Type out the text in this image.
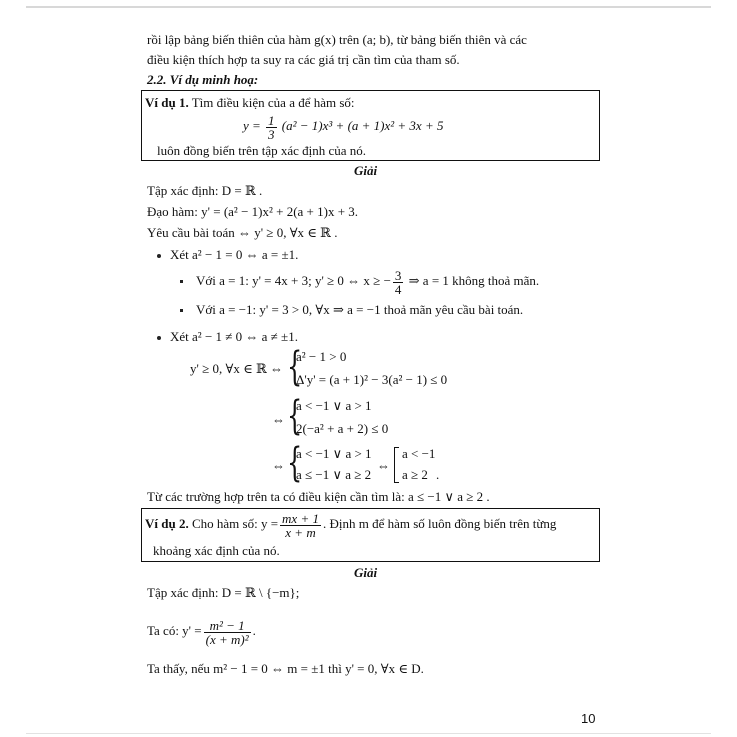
rồi lập bảng biến thiên của hàm g(x) trên (a; b), từ bảng biến thiên và các
điều kiện thích hợp ta suy ra các giá trị cần tìm của tham số.
2.2. Ví dụ minh hoạ:
Ví dụ 1. Tìm điều kiện của a để hàm số:
$y = \frac{1}{3} (a^2 - 1)x^3 + (a + 1)x^2 + 3x + 5$
luôn đồng biến trên tập xác định của nó.
Giải
Tập xác định: D = ℝ .
Đạo hàm: y' = (a² − 1)x² + 2(a + 1)x + 3.
Yêu cầu bài toán ⇔ y' ≥ 0, ∀x ∈ ℝ .
Xét a² − 1 = 0 ⇔ a = ±1.
Với a = 1: y' = 4x + 3; y' ≥ 0 ⇔ x ≥ − $\frac{3}{4}$ ⇒ a = 1 không thoả mãn.
Với a = −1: y' = 3 > 0, ∀x ⇒ a = −1 thoả mãn yêu cầu bài toán.
Xét a² − 1 ≠ 0 ⇔ a ≠ ±1.
y' ≥ 0, ∀x ∈ ℝ ⇔ {
a² − 1 > 0
Δ'y' = (a + 1)² − 3(a² − 1) ≤ 0
⇔ {
a < −1 ∨ a > 1
2(−a² + a + 2) ≤ 0
⇔ {
a < −1 ∨ a > 1
a ≤ −1 ∨ a ≥ 2
⇔
a < −1
a ≥ 2 .
Từ các trường hợp trên ta có điều kiện cần tìm là: a ≤ −1 ∨ a ≥ 2 .
Ví dụ 2. Cho hàm số: $y = \frac{mx + 1}{x + m}$ . Định m để hàm số luôn đồng biến trên từng
khoảng xác định của nó.
Giải
Tập xác định: D = ℝ \ {−m};
Ta có: $y' = \frac{\text{m² − 1}}{\text{(x + m)²}}$ .
Ta thấy, nếu m² − 1 = 0 ⇔ m = ±1 thì y' = 0, ∀x ∈ D.
10
